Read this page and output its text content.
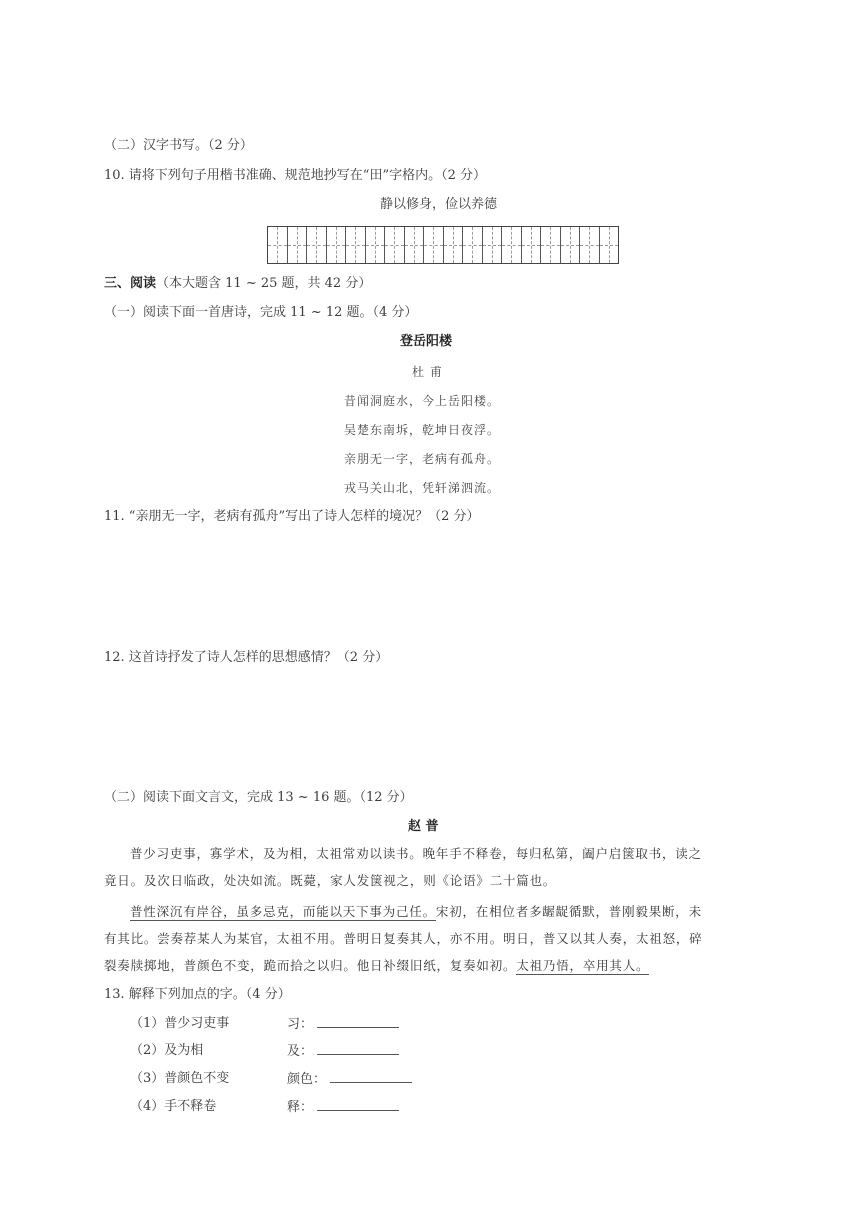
（二）汉字书写。（2 分）
10. 请将下列句子用楷书准确、规范地抄写在“田”字格内。（2 分）
静以修身，俭以养德
三、阅读（本大题含 11 ~ 25 题，共 42 分）
（一）阅读下面一首唐诗，完成 11 ~ 12 题。（4 分）
登岳阳楼
杜 甫
昔闻洞庭水，今上岳阳楼。
吴楚东南坼，乾坤日夜浮。
亲朋无一字，老病有孤舟。
戎马关山北，凭轩涕泗流。
11. “亲朋无一字，老病有孤舟”写出了诗人怎样的境况？（2 分）
12. 这首诗抒发了诗人怎样的思想感情？（2 分）
（二）阅读下面文言文，完成 13 ~ 16 题。（12 分）
赵 普
普少习吏事，寡学术，及为相，太祖常劝以读书。晚年手不释卷，每归私第，阖户启箧取书，读之
竟日。及次日临政，处决如流。既薨，家人发箧视之，则《论语》二十篇也。
普性深沉有岸谷，虽多忌克，而能以天下事为己任。宋初，在相位者多龌龊循默，普刚毅果断，未
有其比。尝奏荐某人为某官，太祖不用。普明日复奏其人，亦不用。明日，普又以其人奏，太祖怒，碎
裂奏牍掷地，普颜色不变，跪而拾之以归。他日补缀旧纸，复奏如初。太祖乃悟，卒用其人。
13. 解释下列加点的字。（4 分）
（1）普少习吏事	习：
（2）及为相	及：
（3）普颜色不变	颜色：
（4）手不释卷	释：
